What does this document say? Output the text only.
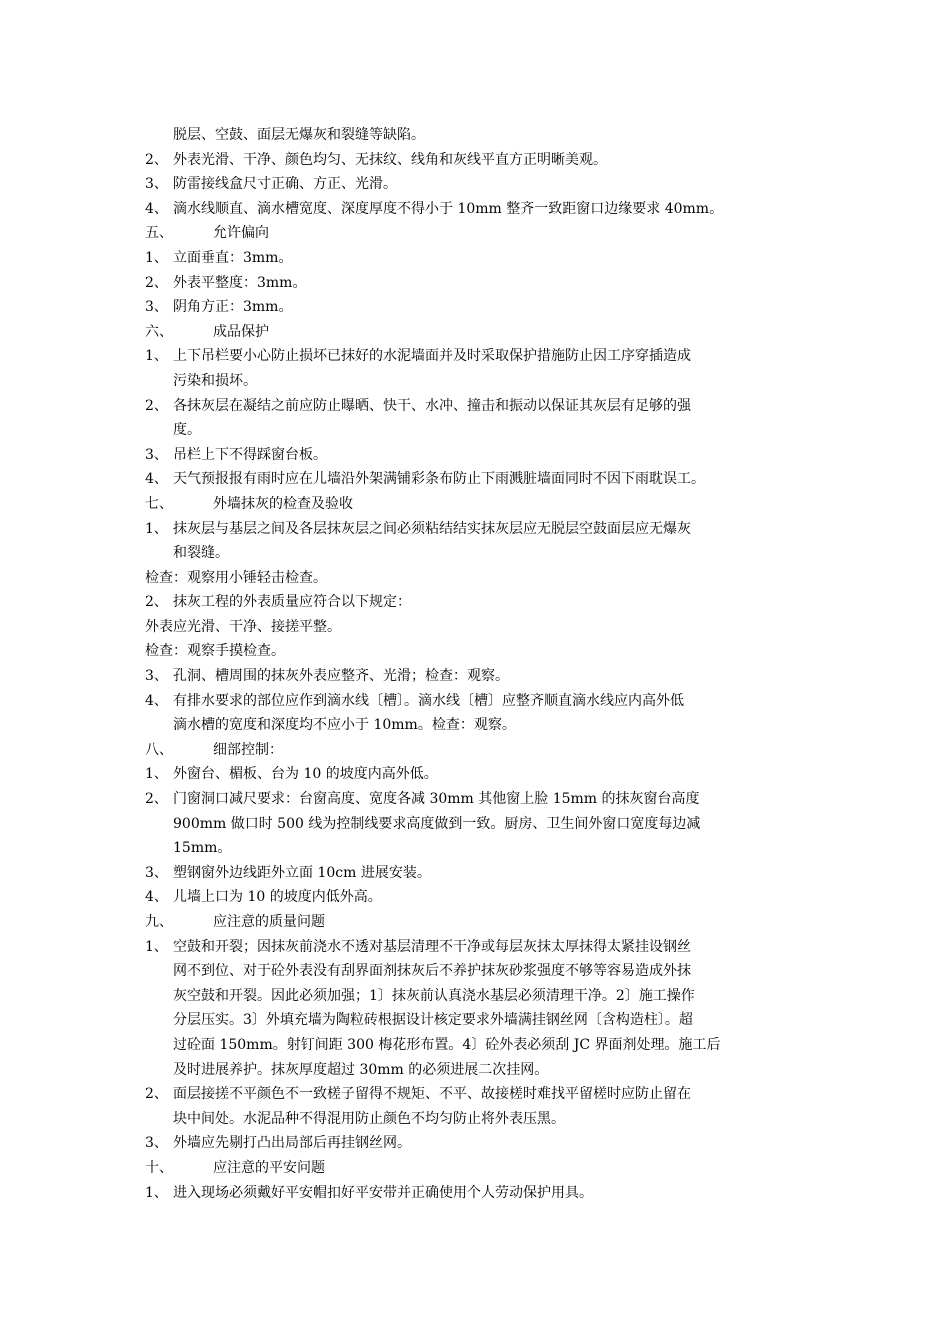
脱层、空鼓、面层无爆灰和裂缝等缺陷。
2、 外表光滑、干净、颜色均匀、无抹纹、线角和灰线平直方正明晰美观。
3、 防雷接线盒尺寸正确、方正、光滑。
4、 滴水线顺直、滴水槽宽度、深度厚度不得小于 10mm 整齐一致距窗口边缘要求 40mm。
五、	允许偏向
1、 立面垂直：3mm。
2、 外表平整度：3mm。
3、 阴角方正：3mm。
六、	成品保护
1、 上下吊栏要小心防止损坏已抹好的水泥墙面并及时采取保护措施防止因工序穿插造成
污染和损坏。
2、 各抹灰层在凝结之前应防止曝晒、快干、水冲、撞击和振动以保证其灰层有足够的强
度。
3、 吊栏上下不得踩窗台板。
4、 天气预报报有雨时应在儿墙沿外架满铺彩条布防止下雨溅脏墙面同时不因下雨耽误工。
七、	外墙抹灰的检查及验收
1、 抹灰层与基层之间及各层抹灰层之间必须粘结结实抹灰层应无脱层空鼓面层应无爆灰
和裂缝。
检查：观察用小锤轻击检查。
2、 抹灰工程的外表质量应符合以下规定：
外表应光滑、干净、接搓平整。
检查：观察手摸检查。
3、 孔洞、槽周围的抹灰外表应整齐、光滑；检查：观察。
4、 有排水要求的部位应作到滴水线〔槽〕。滴水线〔槽〕应整齐顺直滴水线应内高外低
滴水槽的宽度和深度均不应小于 10mm。检查：观察。
八、	细部控制：
1、 外窗台、楣板、台为 10 的坡度内高外低。
2、 门窗洞口减尺要求：台窗高度、宽度各减 30mm 其他窗上脸 15mm 的抹灰窗台高度
900mm 做口时 500 线为控制线要求高度做到一致。厨房、卫生间外窗口宽度每边减
15mm。
3、 塑钢窗外边线距外立面 10cm 进展安装。
4、 儿墙上口为 10 的坡度内低外高。
九、	应注意的质量问题
1、 空鼓和开裂；因抹灰前浇水不透对基层清理不干净或每层灰抹太厚抹得太紧挂设钢丝
网不到位、对于砼外表没有刮界面剂抹灰后不养护抹灰砂浆强度不够等容易造成外抹
灰空鼓和开裂。因此必须加强；1〕抹灰前认真浇水基层必须清理干净。2〕施工操作
分层压实。3〕外填充墙为陶粒砖根据设计核定要求外墙满挂钢丝网〔含构造柱〕。超
过砼面 150mm。射钉间距 300 梅花形布置。4〕砼外表必须刮 JC 界面剂处理。施工后
及时进展养护。抹灰厚度超过 30mm 的必须进展二次挂网。
2、 面层接搓不平颜色不一致槎子留得不规矩、不平、故接槎时难找平留槎时应防止留在
块中间处。水泥品种不得混用防止颜色不均匀防止将外表压黑。
3、 外墙应先剔打凸出局部后再挂钢丝网。
十、	应注意的平安问题
1、 进入现场必须戴好平安帽扣好平安带并正确使用个人劳动保护用具。
